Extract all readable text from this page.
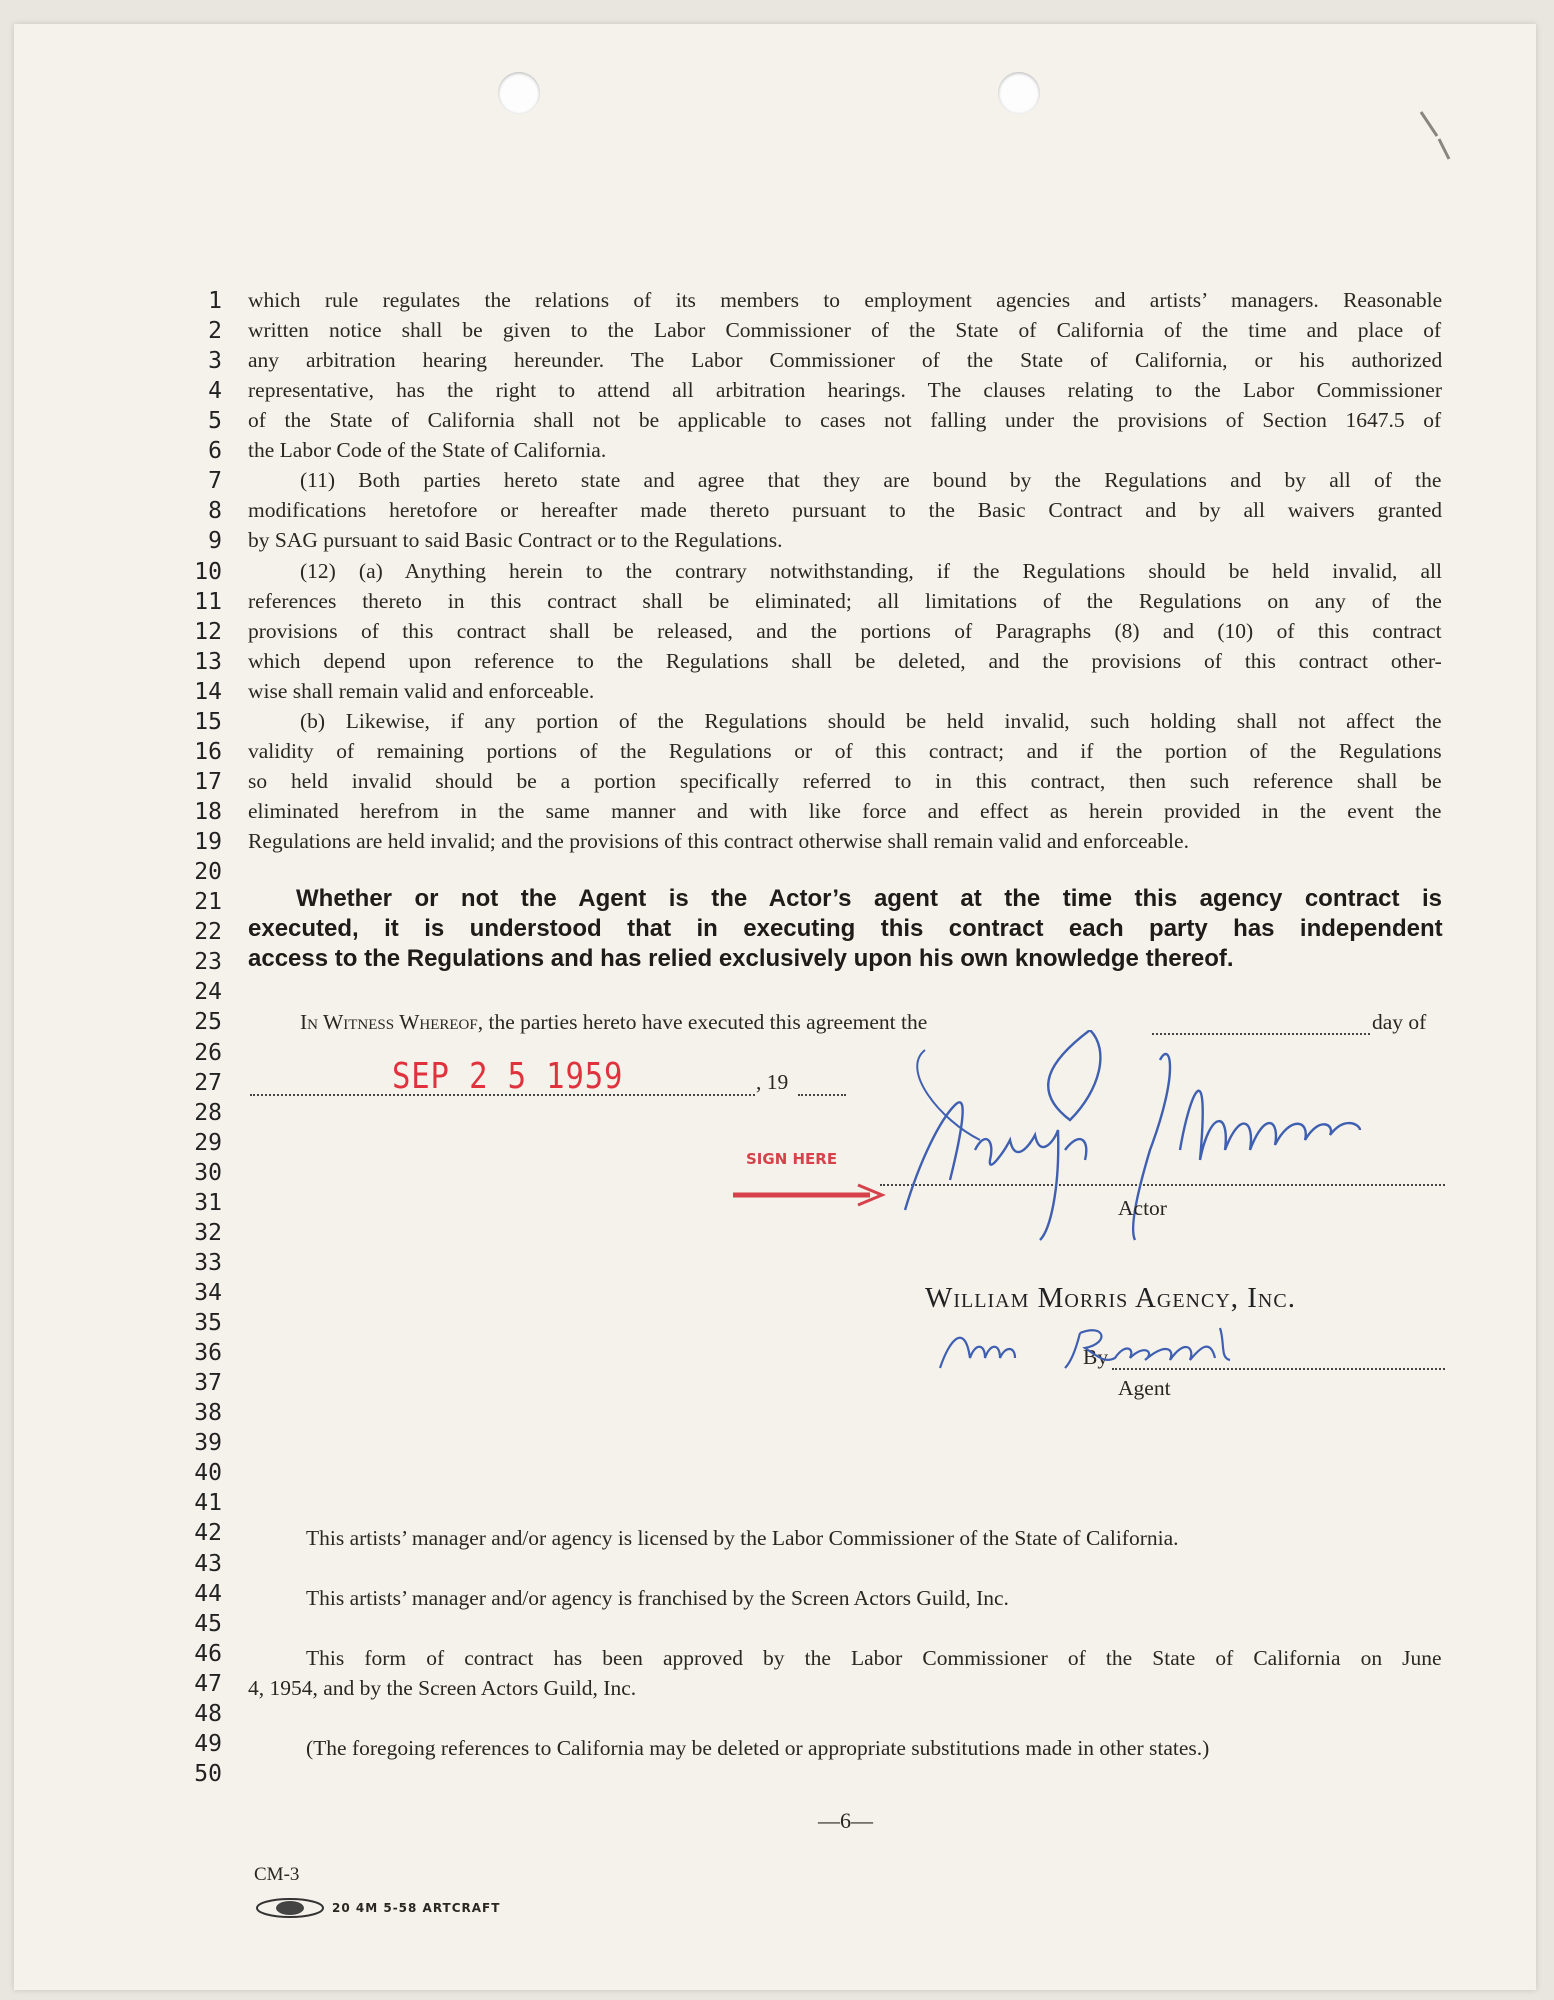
1
2
3
4
5
6
7
8
9
10
11
12
13
14
15
16
17
18
19
20
21
22
23
24
25
26
27
28
29
30
31
32
33
34
35
36
37
38
39
40
41
42
43
44
45
46
47
48
49
50
which rule regulates the relations of its members to employment agencies and artists’ managers. Reasonable
written notice shall be given to the Labor Commissioner of the State of California of the time and place of
any arbitration hearing hereunder. The Labor Commissioner of the State of California, or his authorized
representative, has the right to attend all arbitration hearings. The clauses relating to the Labor Commissioner
of the State of California shall not be applicable to cases not falling under the provisions of Section 1647.5 of
the Labor Code of the State of California.
(11) Both parties hereto state and agree that they are bound by the Regulations and by all of the
modifications heretofore or hereafter made thereto pursuant to the Basic Contract and by all waivers granted
by SAG pursuant to said Basic Contract or to the Regulations.
(12) (a) Anything herein to the contrary notwithstanding, if the Regulations should be held invalid, all
references thereto in this contract shall be eliminated; all limitations of the Regulations on any of the
provisions of this contract shall be released, and the portions of Paragraphs (8) and (10) of this contract
which depend upon reference to the Regulations shall be deleted, and the provisions of this contract other-
wise shall remain valid and enforceable.
(b) Likewise, if any portion of the Regulations should be held invalid, such holding shall not affect the
validity of remaining portions of the Regulations or of this contract; and if the portion of the Regulations
so held invalid should be a portion specifically referred to in this contract, then such reference shall be
eliminated herefrom in the same manner and with like force and effect as herein provided in the event the
Regulations are held invalid; and the provisions of this contract otherwise shall remain valid and enforceable.
Whether or not the Agent is the Actor’s agent at the time this agency contract is
executed, it is understood that in executing this contract each party has independent
access to the Regulations and has relied exclusively upon his own knowledge thereof.
In Witness Whereof, the parties hereto have executed this agreement the	day of
, 19
SEP 2 5 1959
SIGN HERE
Actor
William Morris Agency, Inc.
By
Agent
This artists’ manager and/or agency is licensed by the Labor Commissioner of the State of California.
This artists’ manager and/or agency is franchised by the Screen Actors Guild, Inc.
This form of contract has been approved by the Labor Commissioner of the State of California on June
4, 1954, and by the Screen Actors Guild, Inc.
(The foregoing references to California may be deleted or appropriate substitutions made in other states.)
—6—
CM-3
20 4M 5-58 ARTCRAFT
